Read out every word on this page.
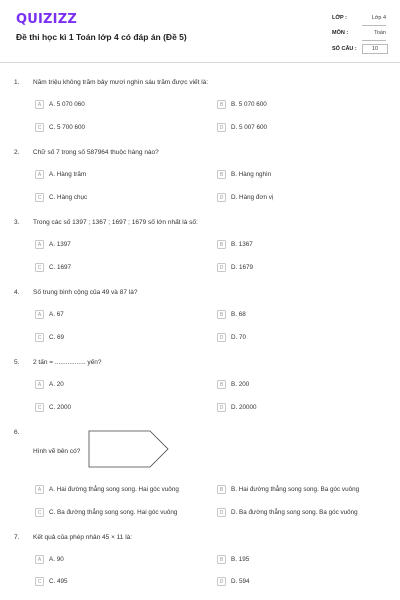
QUIZIZZ
Đề thi học kì 1 Toán lớp 4 có đáp án (Đề 5)
LỚP :	Lớp 4
MÔN :	Toán
SỐ CÂU :	10
1. Năm triệu không trăm bảy mươi nghìn sáu trăm được viết là:
A	A. 5 070 060	B	B. 5 070 600
C	C. 5 700 600	D	D. 5 007 600
2. Chữ số 7 trong số 587964 thuộc hàng nào?
A	A. Hàng trăm	B	B. Hàng nghìn
C	C. Hàng chục	D	D. Hàng đơn vị
3. Trong các số 1397 ; 1367 ; 1697 ; 1679 số lớn nhất là số:
A	A. 1397	B	B. 1367
C	C. 1697	D	D. 1679
4. Số trung bình cộng của 49 và 87 là?
A	A. 67	B	B. 68
C	C. 69	D	D. 70
5. 2 tấn = ................. yến?
A	A. 20	B	B. 200
C	C. 2000	D	D. 20000
6.
Hình vẽ bên có?
A	A. Hai đường thẳng song song. Hai góc vuông	B	B. Hai đường thẳng song song. Ba góc vuông
C	C. Ba đường thẳng song song. Hai góc vuông	D	D. Ba đường thẳng song song. Ba góc vuông
7. Kết quả của phép nhân 45 × 11 là:
A	A. 90	B	B. 195
C	C. 495	D	D. 594
